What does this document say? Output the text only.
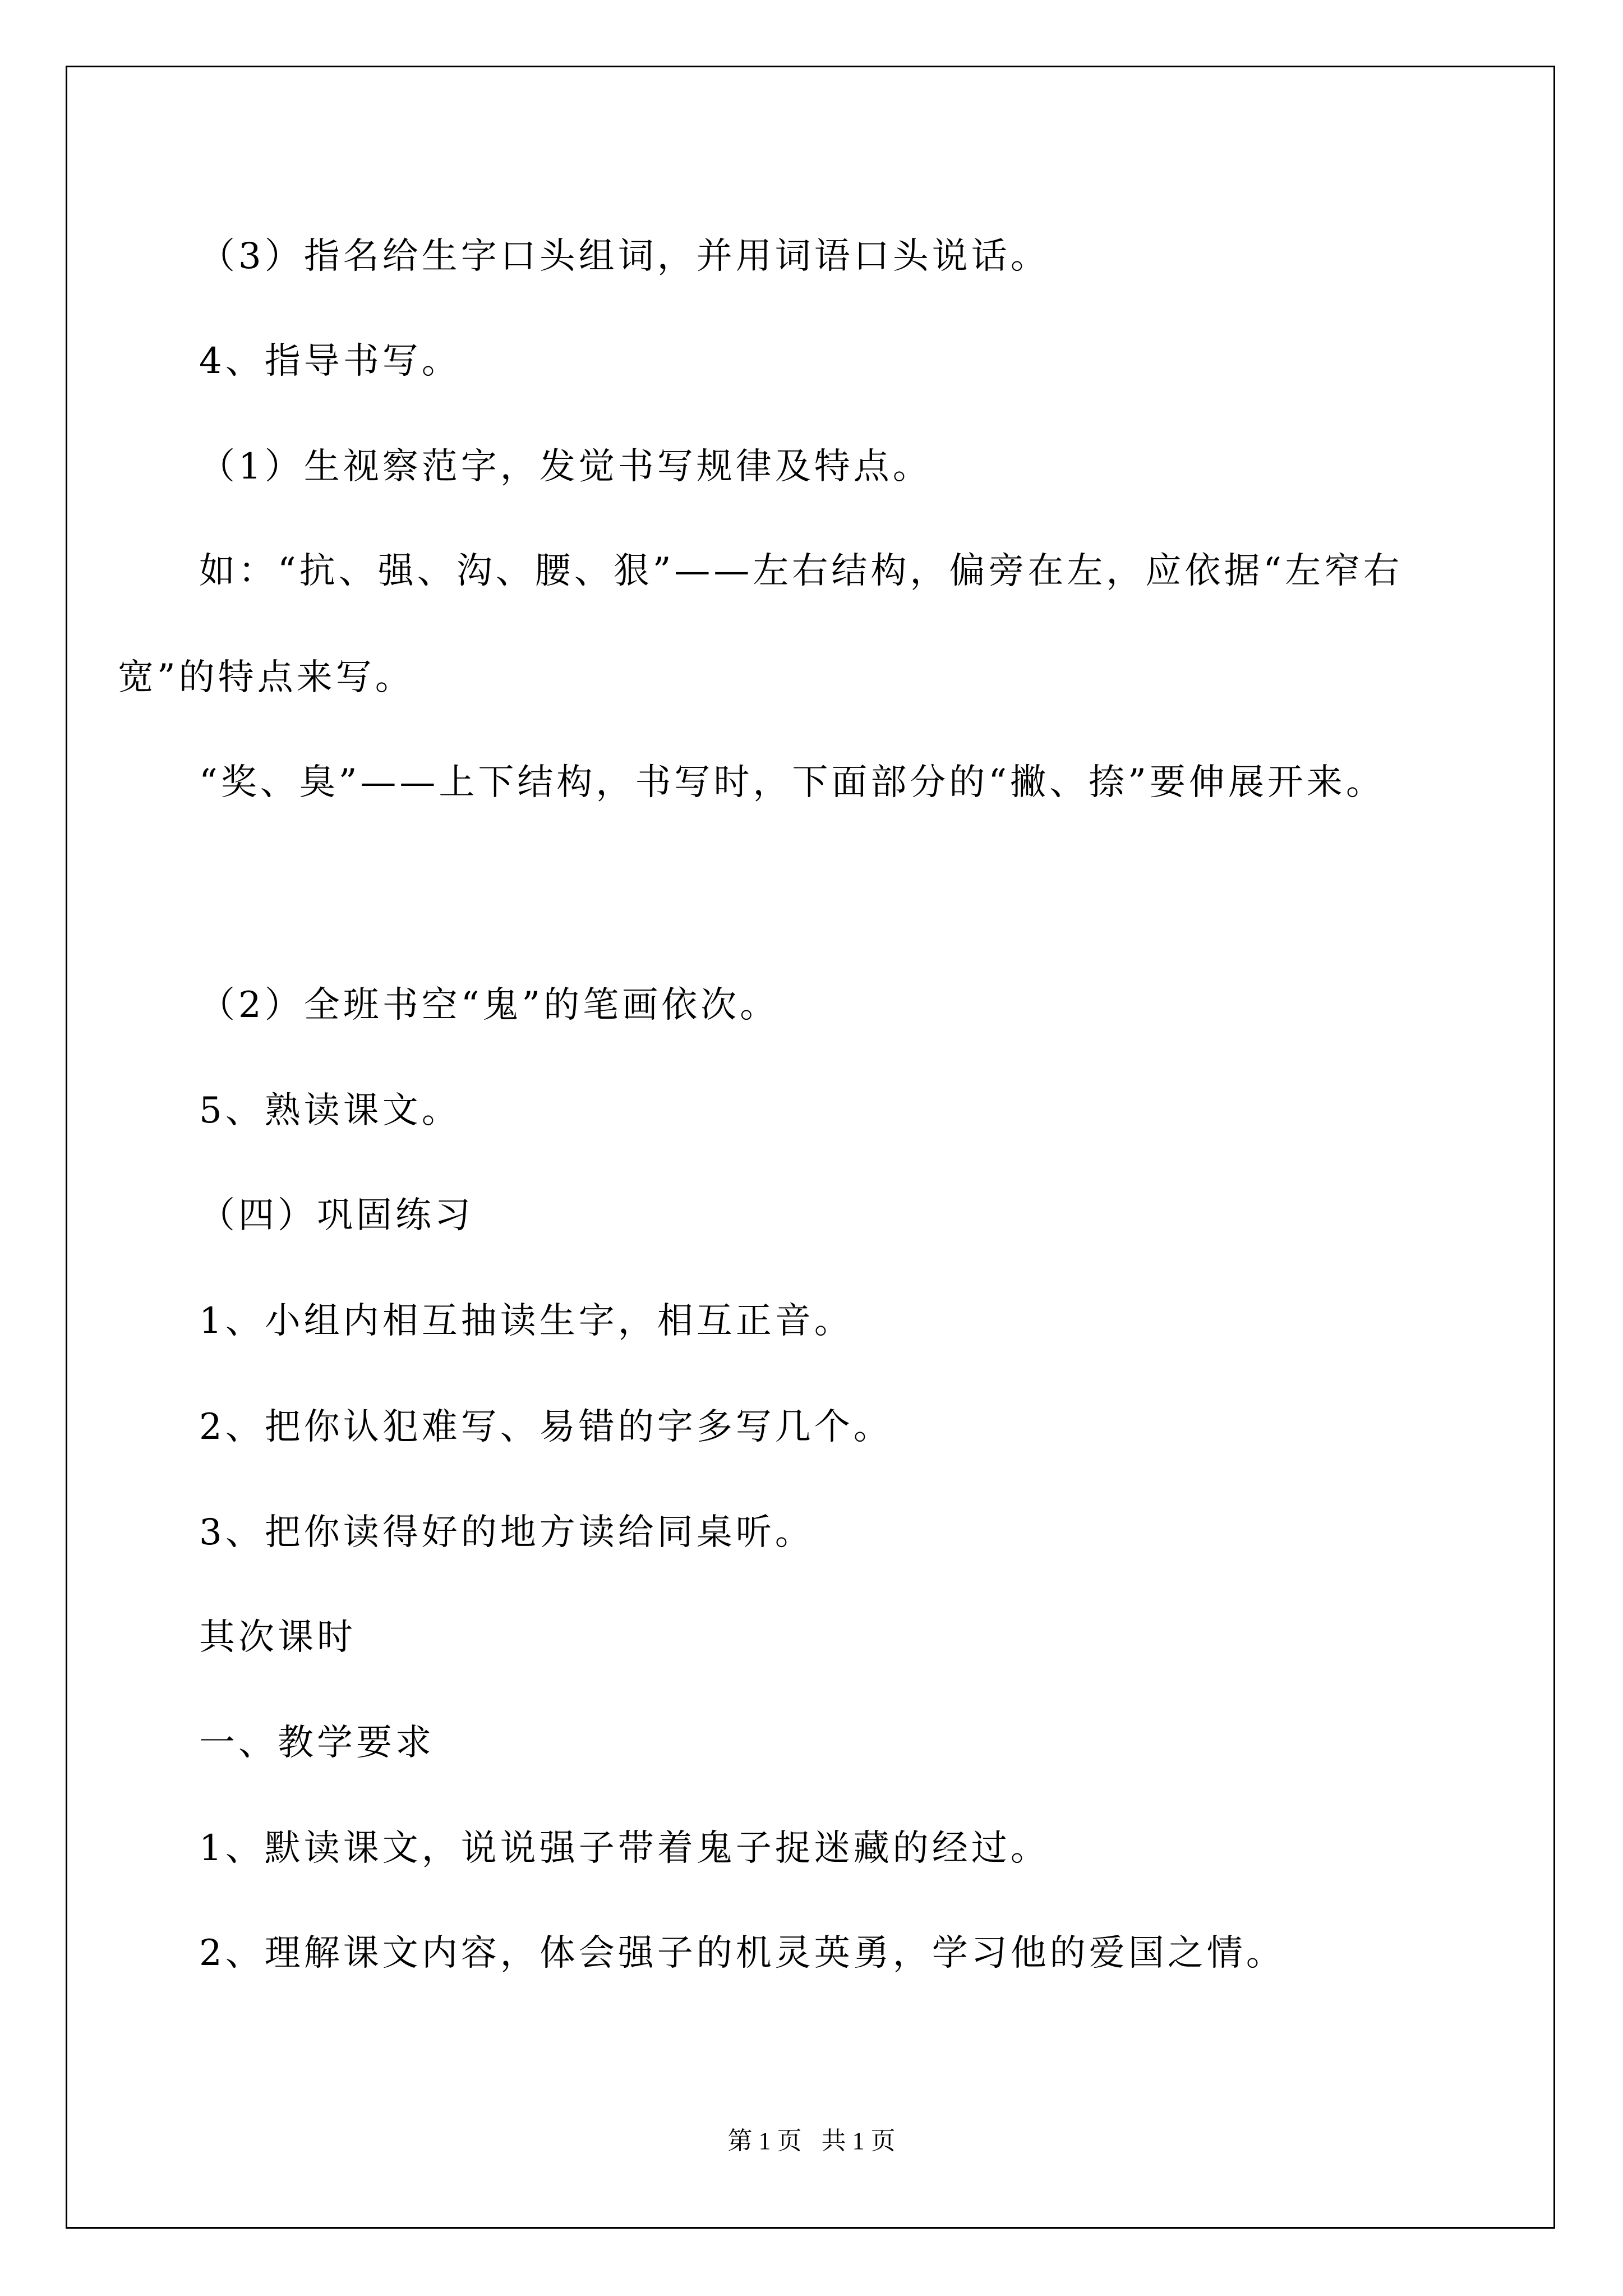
（3）指名给生字口头组词，并用词语口头说话。

4、指导书写。

（1）生视察范字，发觉书写规律及特点。

如：“抗、强、沟、腰、狠”——左右结构，偏旁在左，应依据“左窄右宽”的特点来写。

“奖、臭”——上下结构，书写时，下面部分的“撇、捺”要伸展开来。

（2）全班书空“鬼”的笔画依次。

5、熟读课文。

（四）巩固练习

1、小组内相互抽读生字，相互正音。

2、把你认犯难写、易错的字多写几个。

3、把你读得好的地方读给同桌听。

其次课时

一、教学要求

1、默读课文，说说强子带着鬼子捉迷藏的经过。

2、理解课文内容，体会强子的机灵英勇，学习他的爱国之情。

第 1 页 共 1 页
